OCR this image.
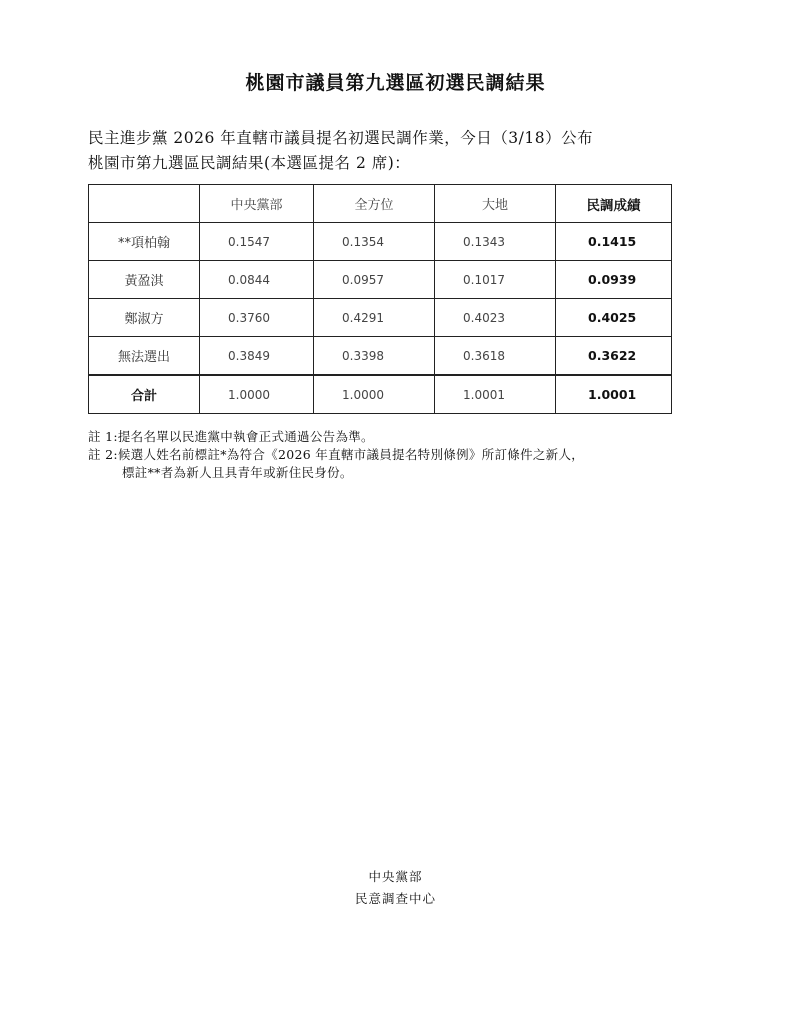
桃園市議員第九選區初選民調結果
民主進步黨 2026 年直轄市議員提名初選民調作業，今日（3/18）公布
桃園市第九選區民調結果(本選區提名 2 席)：
	中央黨部	全方位	大地	民調成績
**項柏翰	0.1547	0.1354	0.1343	0.1415
黃盈淇	0.0844	0.0957	0.1017	0.0939
鄭淑方	0.3760	0.4291	0.4023	0.4025
無法選出	0.3849	0.3398	0.3618	0.3622
合計	1.0000	1.0000	1.0001	1.0001
註 1:提名名單以民進黨中執會正式通過公告為準。
註 2:候選人姓名前標註*為符合《2026 年直轄市議員提名特別條例》所訂條件之新人，
標註**者為新人且具青年或新住民身份。
中央黨部
民意調查中心
